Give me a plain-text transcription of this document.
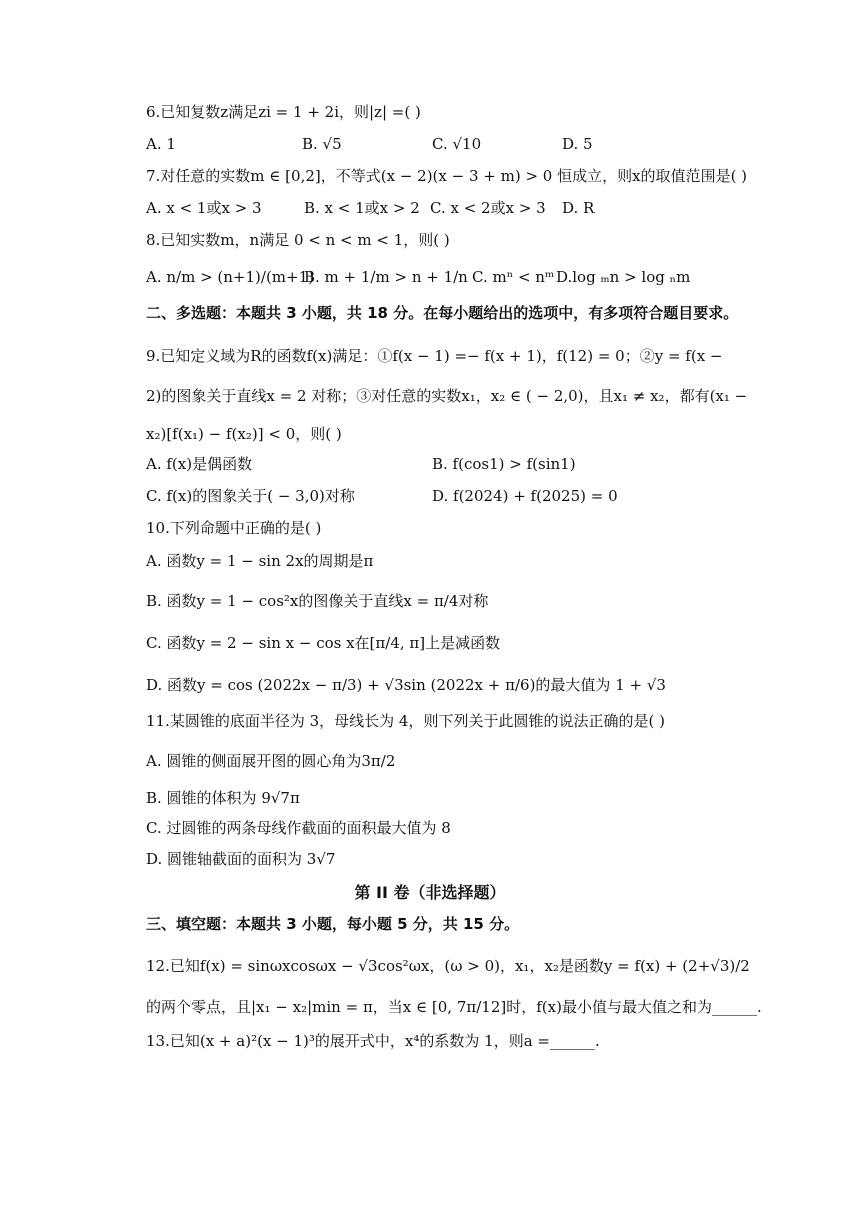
6.已知复数z满足zi = 1 + 2i，则|z| =( )
A. 1	B. √5	C. √10	D. 5
7.对任意的实数m ∈ [0,2]，不等式(x − 2)(x − 3 + m) > 0 恒成立，则x的取值范围是( )
A. x < 1或x > 3	B. x < 1或x > 2 C. x < 2或x > 3 D. R
8.已知实数m，n满足 0 < n < m < 1，则( )
A. n/m > (n+1)/(m+1)
B. m + 1/m > n + 1/n C. mⁿ < nᵐ D.log ₘn > log ₙm
二、多选题：本题共 3 小题，共 18 分。在每小题给出的选项中，有多项符合题目要求。
9.已知定义域为R的函数f(x)满足：①f(x − 1) =− f(x + 1)，f(12) = 0；②y = f(x −
2)的图象关于直线x = 2 对称；③对任意的实数x₁，x₂ ∈ ( − 2,0)，且x₁ ≠ x₂，都有(x₁ −
x₂)[f(x₁) − f(x₂)] < 0，则( )
A. f(x)是偶函数	B. f(cos1) > f(sin1)
C. f(x)的图象关于( − 3,0)对称	D. f(2024) + f(2025) = 0
10.下列命题中正确的是( )
A. 函数y = 1 − sin 2x的周期是π
B. 函数y = 1 − cos²x的图像关于直线x = π/4对称
C. 函数y = 2 − sin x − cos x在[π/4, π]上是减函数
D. 函数y = cos (2022x − π/3) + √3sin (2022x + π/6)的最大值为 1 + √3
11.某圆锥的底面半径为 3，母线长为 4，则下列关于此圆锥的说法正确的是( )
A. 圆锥的侧面展开图的圆心角为3π/2
B. 圆锥的体积为 9√7π
C. 过圆锥的两条母线作截面的面积最大值为 8
D. 圆锥轴截面的面积为 3√7
第 II 卷（非选择题）
三、填空题：本题共 3 小题，每小题 5 分，共 15 分。
12.已知f(x) = sinωxcosωx − √3cos²ωx，(ω > 0)，x₁，x₂是函数y = f(x) + (2+√3)/2
的两个零点，且|x₁ − x₂|min = π，当x ∈ [0, 7π/12]时，f(x)最小值与最大值之和为______.
13.已知(x + a)²(x − 1)³的展开式中，x⁴的系数为 1，则a =______.
